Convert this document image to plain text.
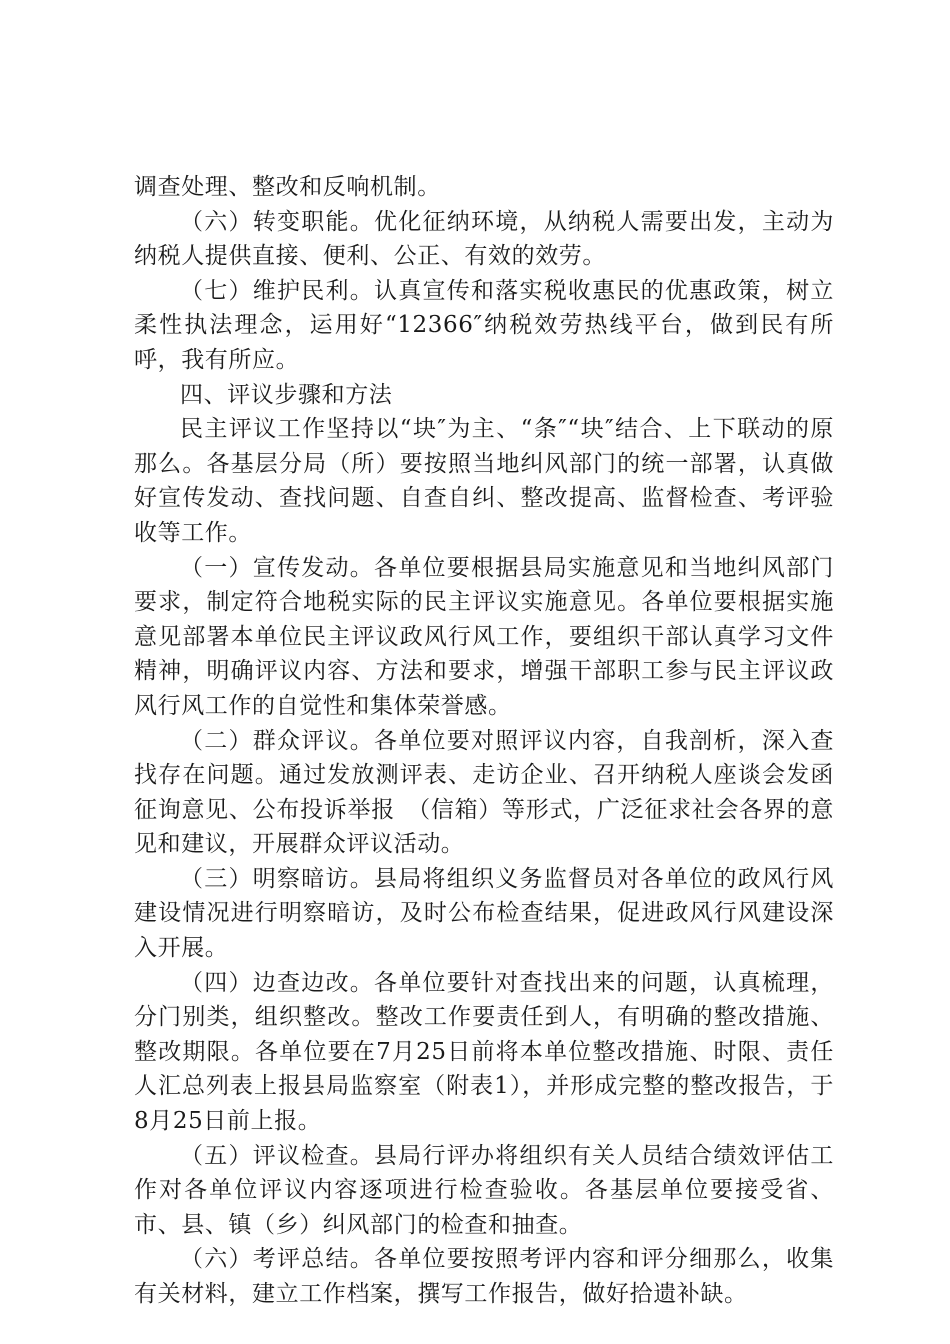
调查处理、整改和反响机制。

（六）转变职能。优化征纳环境，从纳税人需要出发，主动为纳税人提供直接、便利、公正、有效的效劳。

（七）维护民利。认真宣传和落实税收惠民的优惠政策，树立柔性执法理念，运用好“12366″纳税效劳热线平台，做到民有所呼，我有所应。

四、评议步骤和方法

民主评议工作坚持以“块″为主、“条″“块″结合、上下联动的原那么。各基层分局（所）要按照当地纠风部门的统一部署，认真做好宣传发动、查找问题、自查自纠、整改提高、监督检查、考评验收等工作。

（一）宣传发动。各单位要根据县局实施意见和当地纠风部门要求，制定符合地税实际的民主评议实施意见。各单位要根据实施意见部署本单位民主评议政风行风工作，要组织干部认真学习文件精神，明确评议内容、方法和要求，增强干部职工参与民主评议政风行风工作的自觉性和集体荣誉感。

（二）群众评议。各单位要对照评议内容，自我剖析，深入查找存在问题。通过发放测评表、走访企业、召开纳税人座谈会发函征询意见、公布投诉举报　（信箱）等形式，广泛征求社会各界的意见和建议，开展群众评议活动。

（三）明察暗访。县局将组织义务监督员对各单位的政风行风建设情况进行明察暗访，及时公布检查结果，促进政风行风建设深入开展。

（四）边查边改。各单位要针对查找出来的问题，认真梳理，分门别类，组织整改。整改工作要责任到人，有明确的整改措施、整改期限。各单位要在7月25日前将本单位整改措施、时限、责任人汇总列表上报县局监察室（附表1），并形成完整的整改报告，于8月25日前上报。

（五）评议检查。县局行评办将组织有关人员结合绩效评估工作对各单位评议内容逐项进行检查验收。各基层单位要接受省、市、县、镇（乡）纠风部门的检查和抽查。

（六）考评总结。各单位要按照考评内容和评分细那么，收集有关材料，建立工作档案，撰写工作报告，做好拾遗补缺。
